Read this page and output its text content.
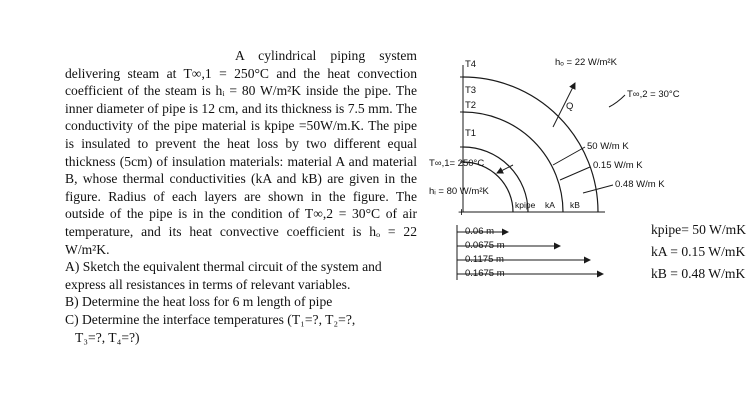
A cylindrical piping system delivering steam at T∞,1 = 250°C and the heat convection coefficient of the steam is hᵢ = 80 W/m²K inside the pipe. The inner diameter of pipe is 12 cm, and its thickness is 7.5 mm. The conductivity of the pipe material is kpipe =50W/m.K. The pipe is insulated to prevent the heat loss by two different equal thickness (5cm) of insulation materials: material A and material B, whose thermal conductivities (kA and kB) are given in the figure. Radius of each layers are shown in the figure. The outside of the pipe is in the condition of T∞,2 = 30°C of air temperature, and its heat convective coefficient is hₒ = 22 W/m²K.

A) Sketch the equivalent thermal circuit of the system and express all resistances in terms of relevant variables.

B) Determine the heat loss for 6 m length of pipe

C) Determine the interface temperatures (T₁=?, T₂=?,

T₃=?, T₄=?)

T4
T3
T2
T1
hₒ = 22 W/m²K
Q
T∞,2 = 30°C
T∞,1= 250°C
hᵢ = 80 W/m²K
50 W/m K
0.15 W/m K
0.48 W/m K
kpipe kA kB
+
0.06 m
0.0675 m
0.1175 m
0.1675 m
kpipe= 50 W/mK
kA = 0.15 W/mK
kB = 0.48 W/mK
